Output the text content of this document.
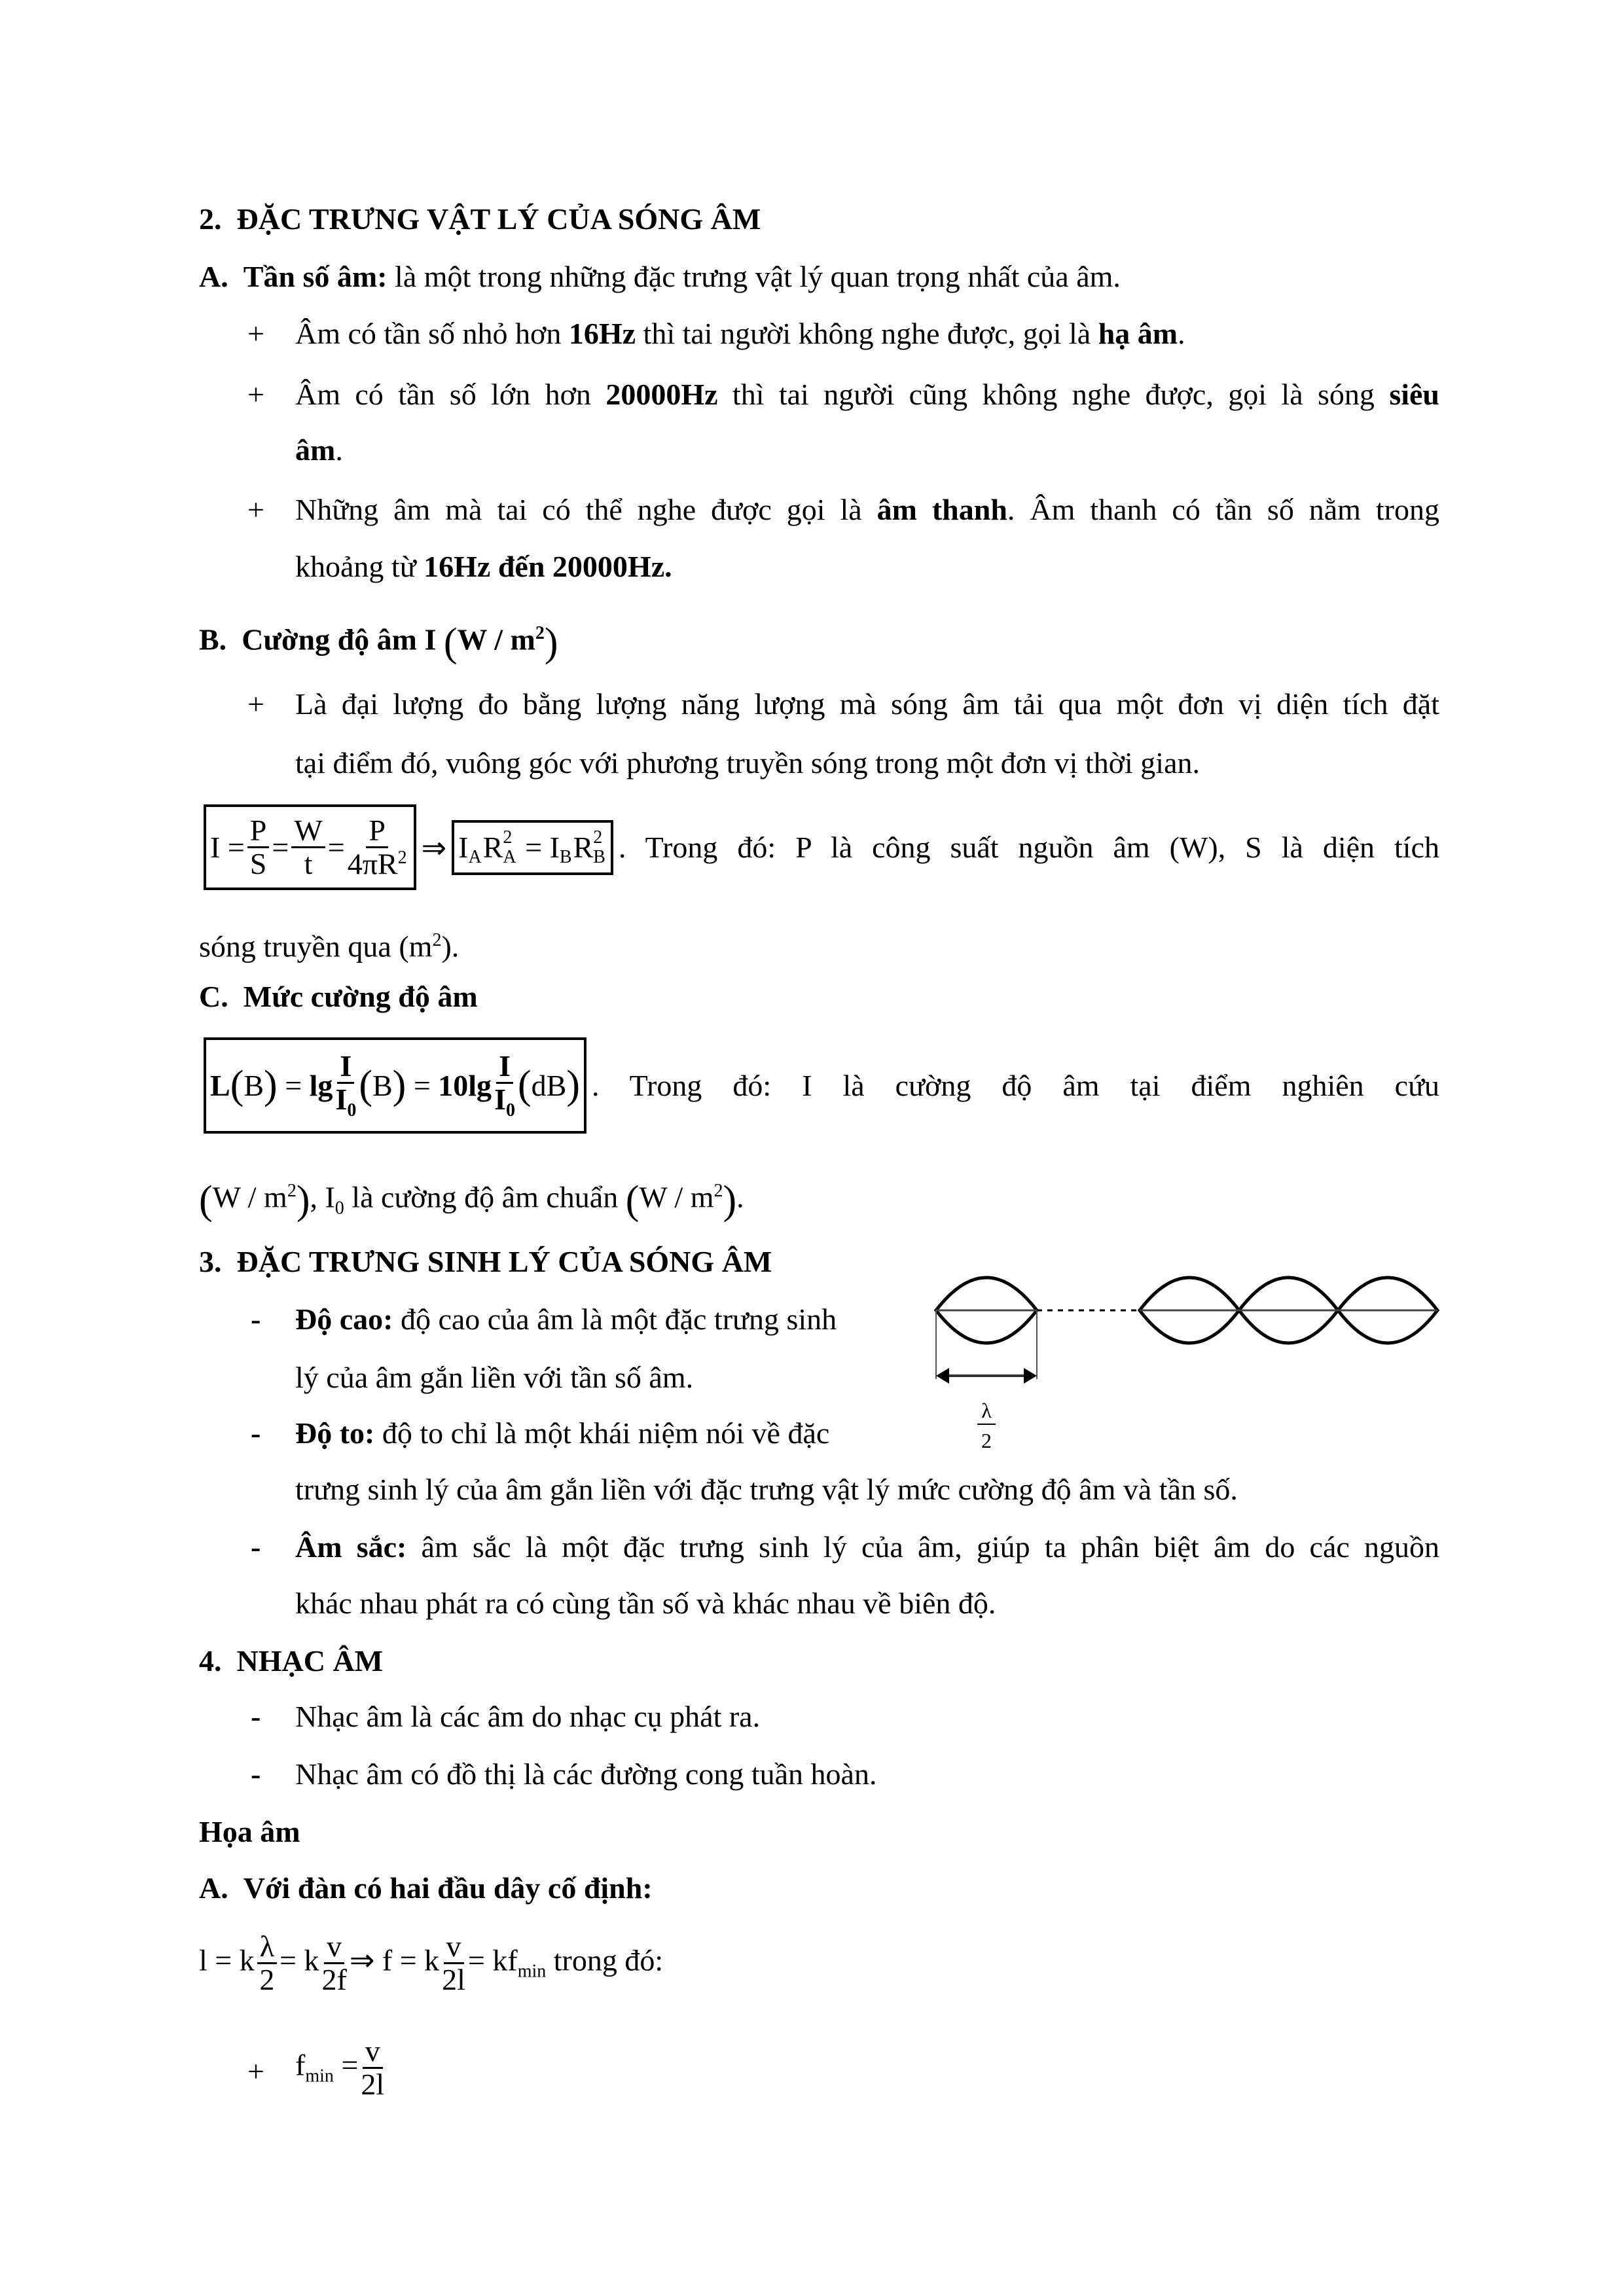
2. ĐẶC TRƯNG VẬT LÝ CỦA SÓNG ÂM
A. Tần số âm: là một trong những đặc trưng vật lý quan trọng nhất của âm.
+ Âm có tần số nhỏ hơn 16Hz thì tai người không nghe được, gọi là hạ âm.
+ Âm có tần số lớn hơn 20000Hz thì tai người cũng không nghe được, gọi là sóng siêu
âm.
+ Những âm mà tai có thể nghe được gọi là âm thanh. Âm thanh có tần số nằm trong
khoảng từ 16Hz đến 20000Hz.
B. Cường độ âm I $(W / m^2)$
+ Là đại lượng đo bằng lượng năng lượng mà sóng âm tải qua một đơn vị diện tích đặt
tại điểm đó, vuông góc với phương truyền sóng trong một đơn vị thời gian.
I
= $\frac{P}{S} = \frac{W}{t} = \frac{P}{4\pi R^2}$ ⇒ I A R 2
A
=
I B R 2
B . Trong đó: P là công suất nguồn âm (W), S là diện tích
sóng truyền qua $(m^2)$.
C. Mức cường độ âm
L ( B ) = lg
I
$I_0$
( B ) = 10lg
I
$I_0$
( dB ) . Trong đó: I là cường độ âm tại điểm nghiên cứu
$(W / m^2)$, $I_0$ là cường độ âm chuẩn $(W / m^2)$.
3. ĐẶC TRƯNG SINH LÝ CỦA SÓNG ÂM
- Độ cao: độ cao của âm là một đặc trưng sinh
lý của âm gắn liền với tần số âm.
- Độ to: độ to chỉ là một khái niệm nói về đặc
trưng sinh lý của âm gắn liền với đặc trưng vật lý mức cường độ âm và tần số.
- Âm sắc: âm sắc là một đặc trưng sinh lý của âm, giúp ta phân biệt âm do các nguồn
khác nhau phát ra có cùng tần số và khác nhau về biên độ.
λ
2
4. NHẠC ÂM
- Nhạc âm là các âm do nhạc cụ phát ra.
- Nhạc âm có đồ thị là các đường cong tuần hoàn.
Họa âm
A. Với đàn có hai đầu dây cố định:
l = k $\frac{\lambda}{2} = k \frac{v}{2f}$ ⇒ f = k $\frac{v}{2l} = kf_{min}$ trong đó:
+ $f_{min} = \frac{v}{2l}$
